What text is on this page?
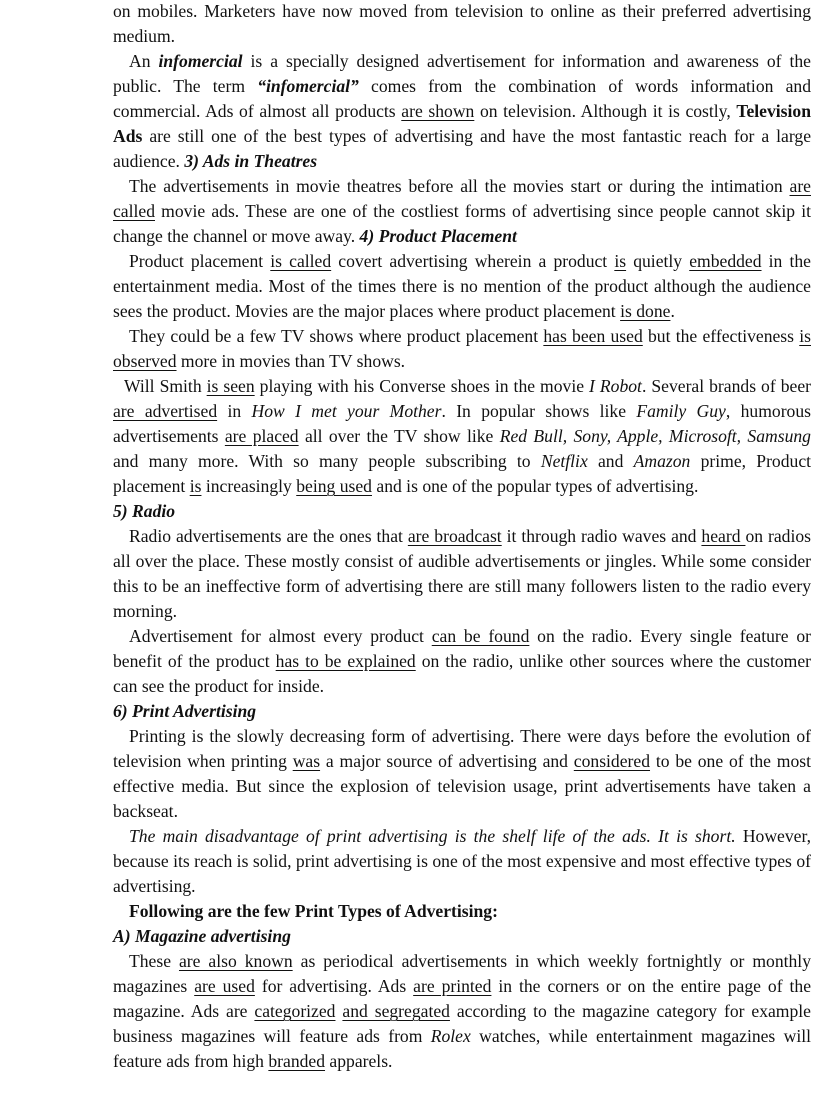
on mobiles. Marketers have now moved from television to online as their preferred advertising medium.

An infomercial is a specially designed advertisement for information and awareness of the public. The term “infomercial” comes from the combination of words information and commercial. Ads of almost all products are shown on television. Although it is costly, Television Ads are still one of the best types of advertising and have the most fantastic reach for a large audience. 3) Ads in Theatres

The advertisements in movie theatres before all the movies start or during the intimation are called movie ads. These are one of the costliest forms of advertising since people cannot skip it change the channel or move away. 4) Product Placement

Product placement is called covert advertising wherein a product is quietly embedded in the entertainment media. Most of the times there is no mention of the product although the audience sees the product. Movies are the major places where product placement is done.

They could be a few TV shows where product placement has been used but the effectiveness is observed more in movies than TV shows.

Will Smith is seen playing with his Converse shoes in the movie I Robot. Several brands of beer are advertised in How I met your Mother. In popular shows like Family Guy, humorous advertisements are placed all over the TV show like Red Bull, Sony, Apple, Microsoft, Samsung and many more. With so many people subscribing to Netflix and Amazon prime, Product placement is increasingly being used and is one of the popular types of advertising.

5) Radio

Radio advertisements are the ones that are broadcast it through radio waves and heard on radios all over the place. These mostly consist of audible advertisements or jingles. While some consider this to be an ineffective form of advertising there are still many followers listen to the radio every morning.

Advertisement for almost every product can be found on the radio. Every single feature or benefit of the product has to be explained on the radio, unlike other sources where the customer can see the product for inside.

6) Print Advertising

Printing is the slowly decreasing form of advertising. There were days before the evolution of television when printing was a major source of advertising and considered to be one of the most effective media. But since the explosion of television usage, print advertisements have taken a backseat.

The main disadvantage of print advertising is the shelf life of the ads. It is short. However, because its reach is solid, print advertising is one of the most expensive and most effective types of advertising.

Following are the few Print Types of Advertising:

A) Magazine advertising

These are also known as periodical advertisements in which weekly fortnightly or monthly magazines are used for advertising. Ads are printed in the corners or on the entire page of the magazine. Ads are categorized and segregated according to the magazine category for example business magazines will feature ads from Rolex watches, while entertainment magazines will feature ads from high branded apparels.
